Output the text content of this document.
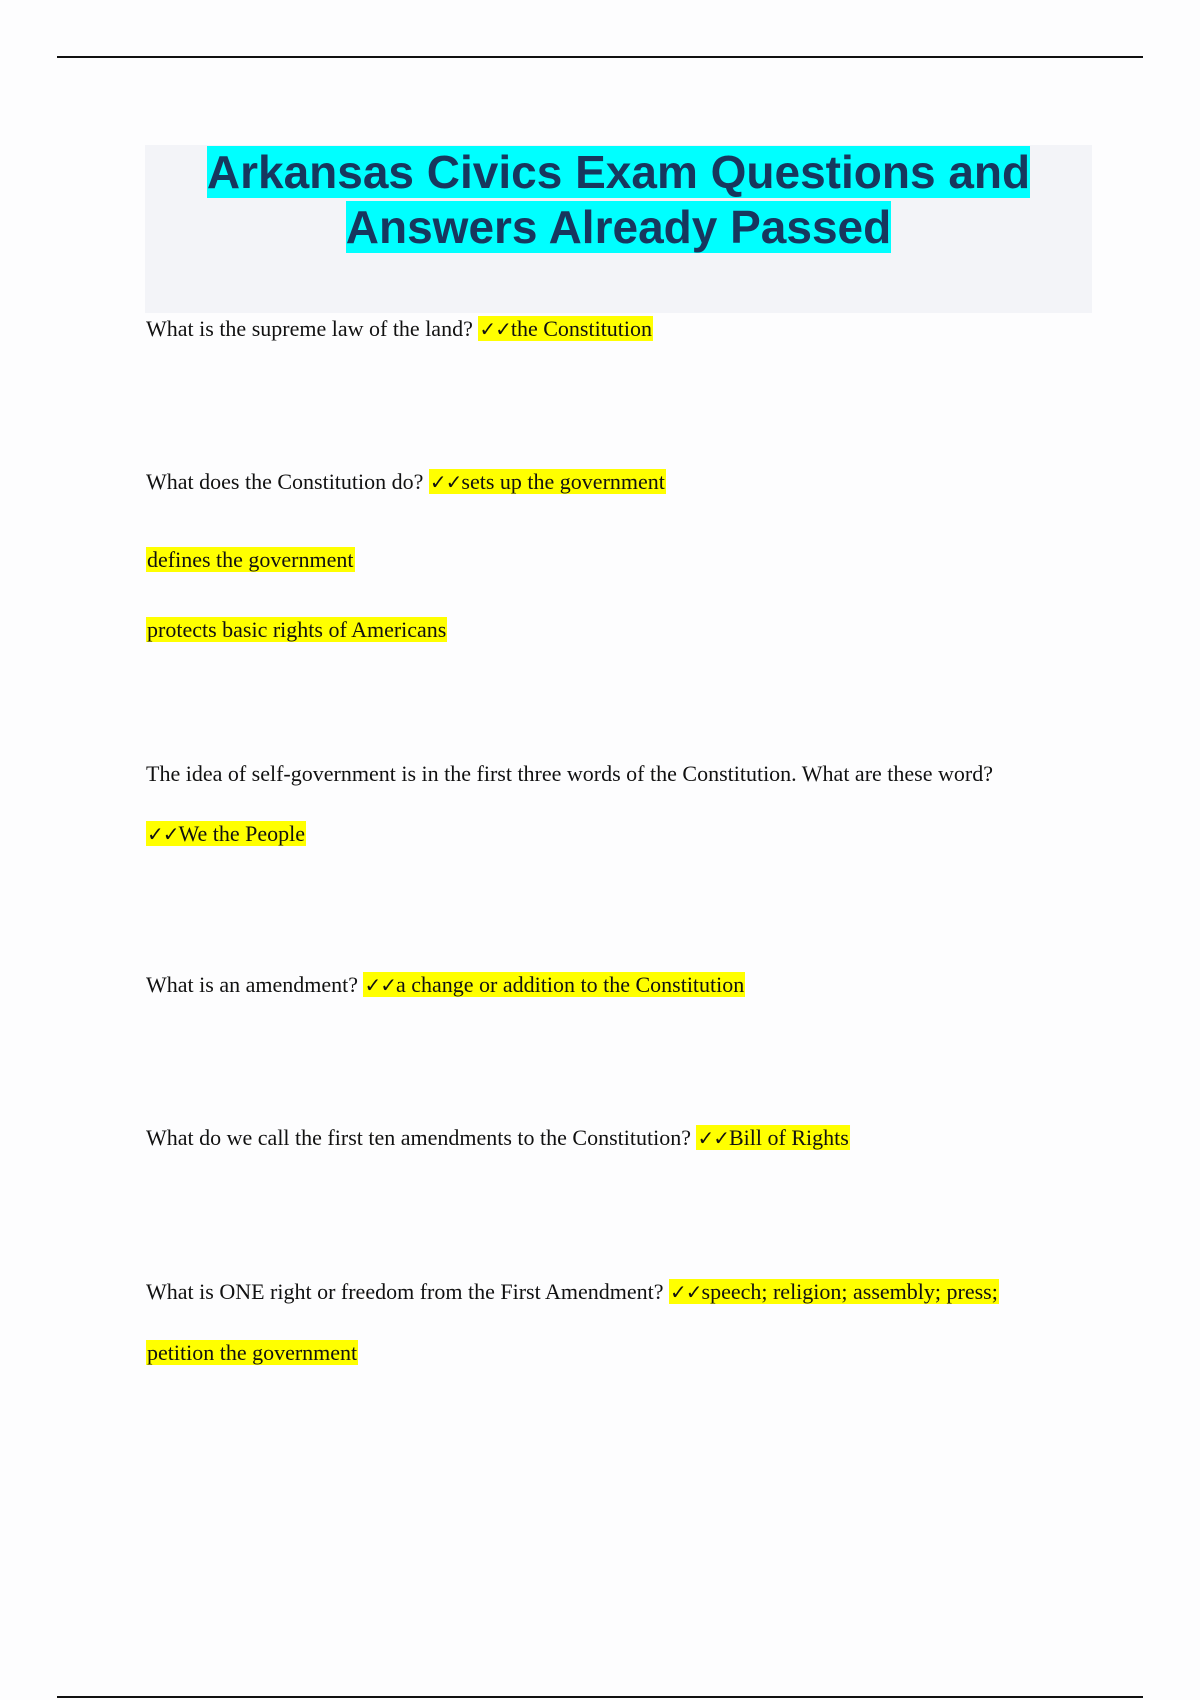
Arkansas Civics Exam Questions and
Answers Already Passed
What is the supreme law of the land? ✓✓the Constitution
What does the Constitution do? ✓✓sets up the government
defines the government
protects basic rights of Americans
The idea of self-government is in the first three words of the Constitution. What are these word?
✓✓We the People
What is an amendment? ✓✓a change or addition to the Constitution
What do we call the first ten amendments to the Constitution? ✓✓Bill of Rights
What is ONE right or freedom from the First Amendment? ✓✓speech; religion; assembly; press;
petition the government
